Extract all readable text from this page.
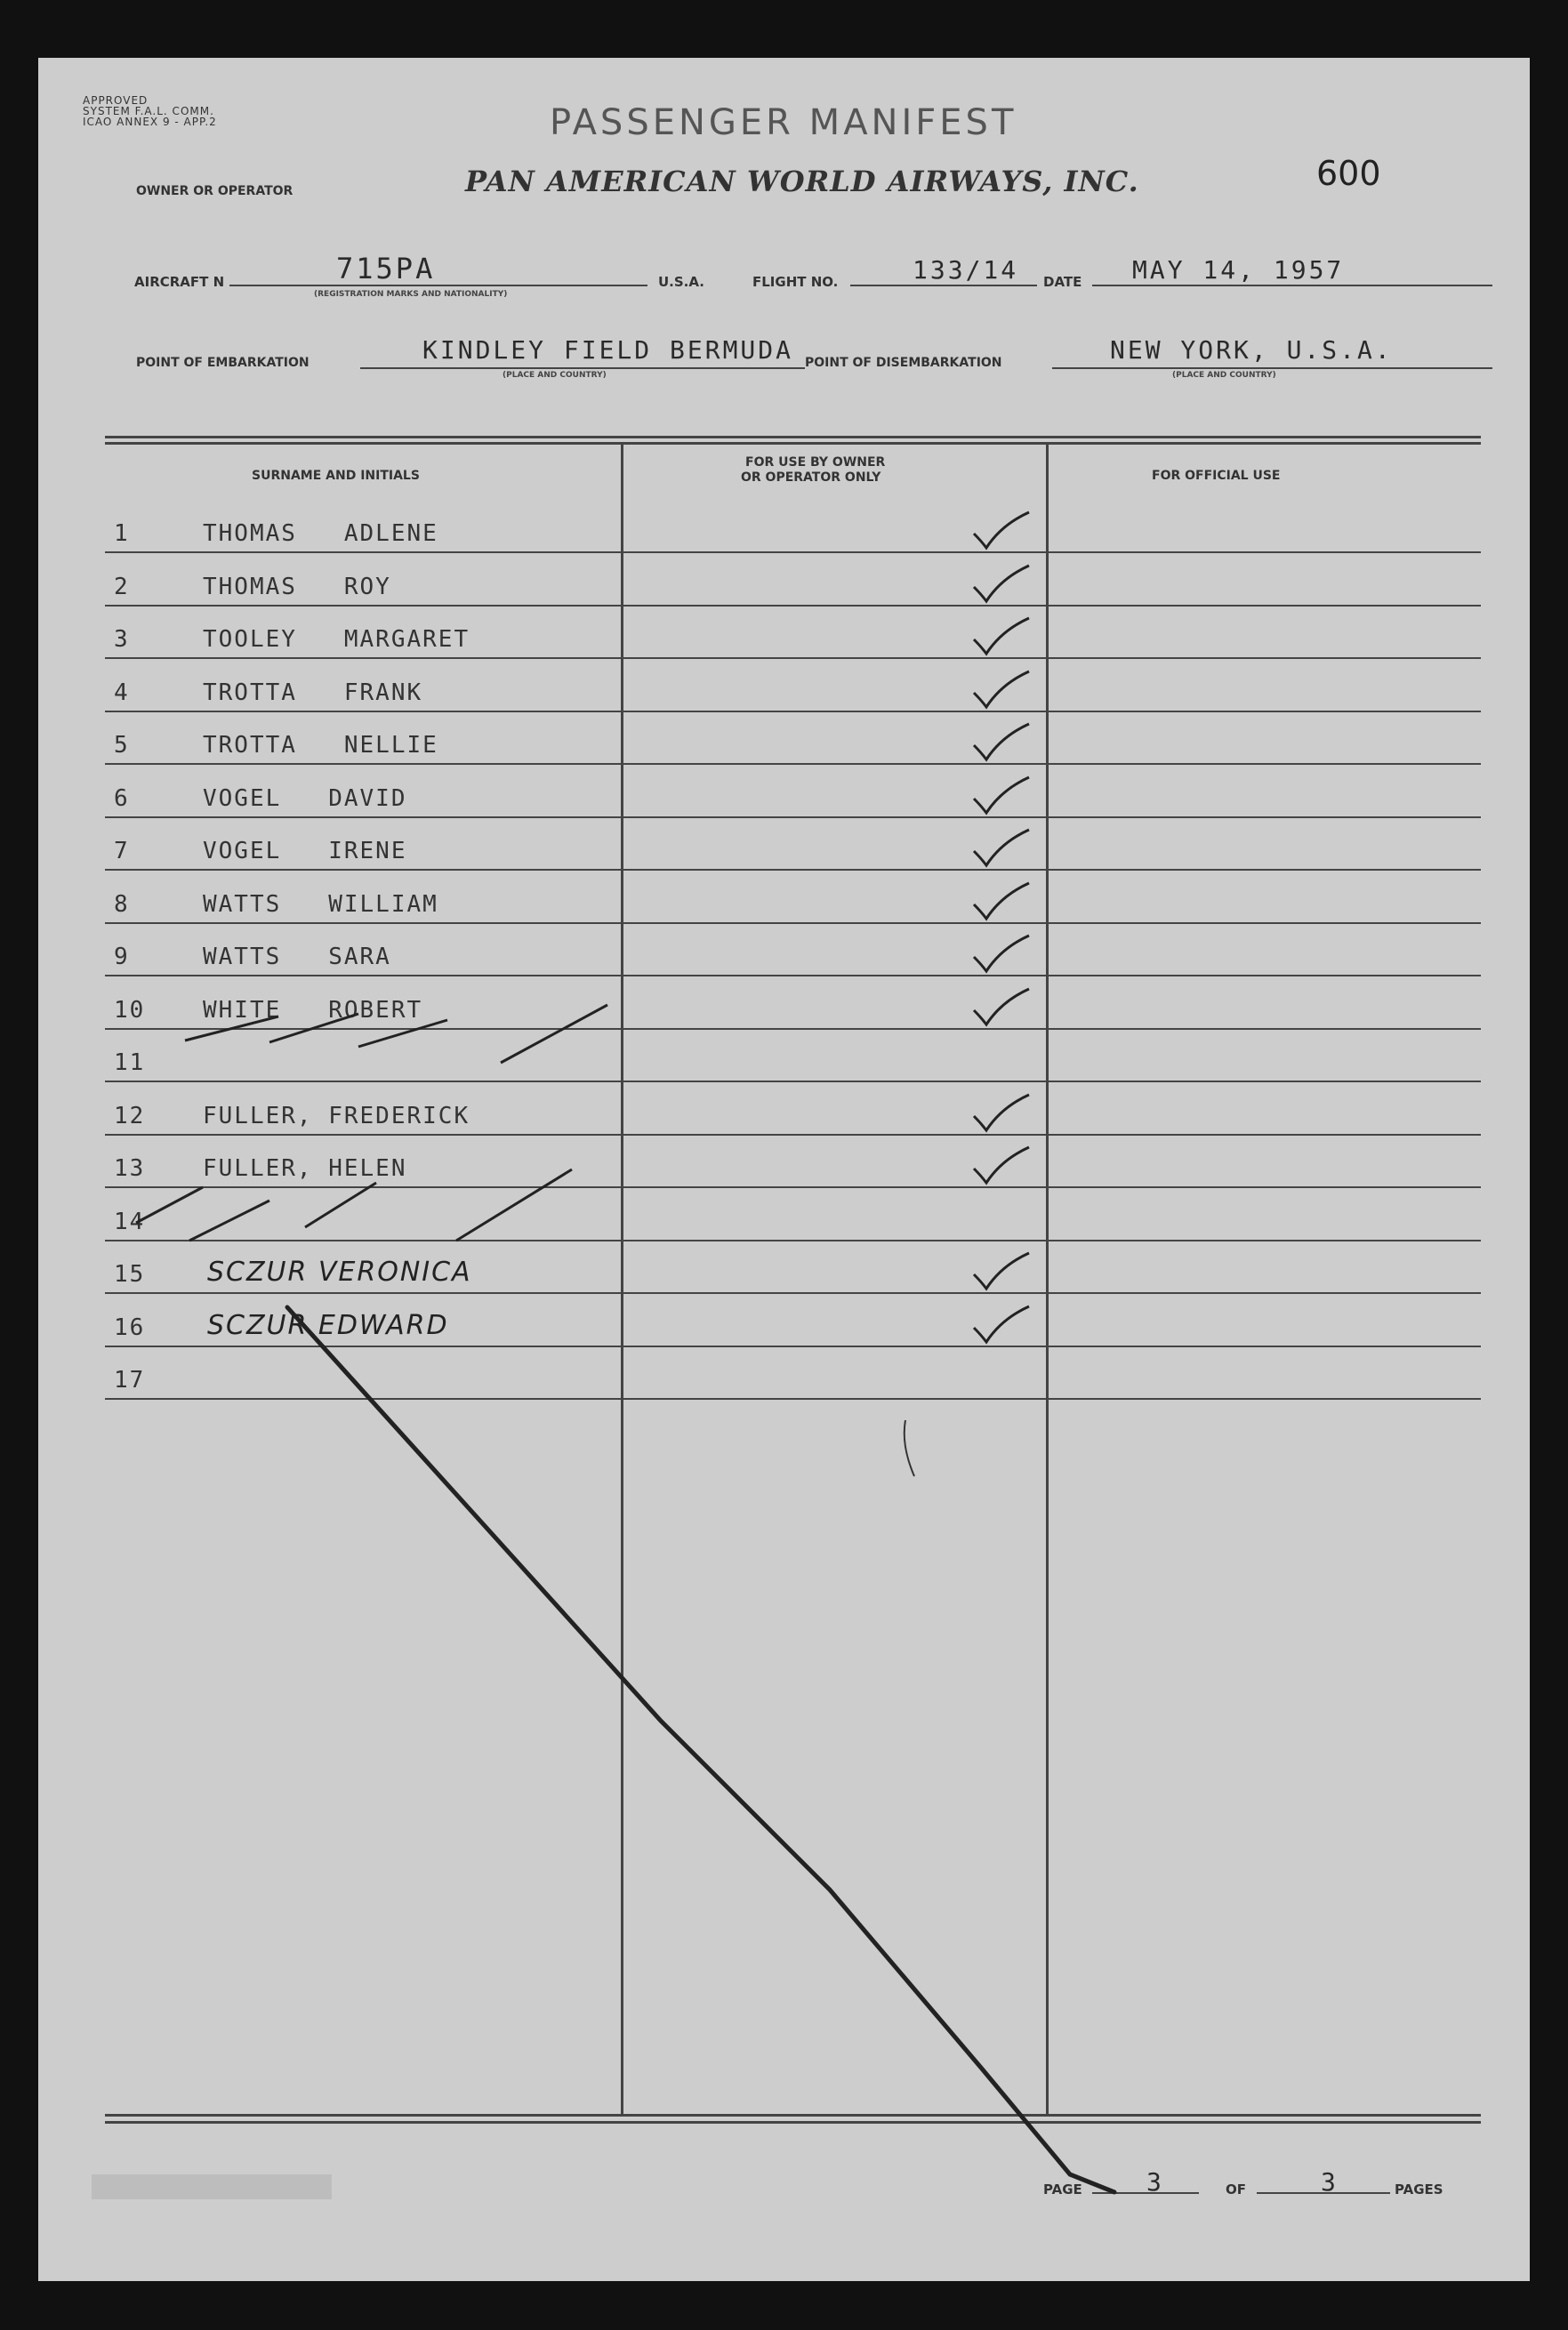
APPROVED
SYSTEM F.A.L. COMM.
ICAO ANNEX 9 - APP.2	PASSENGER MANIFEST
OWNER OR OPERATOR	PAN AMERICAN WORLD AIRWAYS, INC.	600
AIRCRAFT N	715PA
(REGISTRATION MARKS AND NATIONALITY)
U.S.A.	FLIGHT NO.	133/14 DATE MAY 14, 1957
POINT OF EMBARKATION	KINDLEY FIELD BERMUDA
(PLACE AND COUNTRY)
POINT OF DISEMBARKATION	NEW YORK, U.S.A.
(PLACE AND COUNTRY)
SURNAME AND INITIALS
FOR USE BY OWNER
OR OPERATOR ONLY	FOR OFFICIAL USE
1	THOMAS   ADLENE
2	THOMAS   ROY
3	TOOLEY   MARGARET
4	TROTTA   FRANK
5	TROTTA   NELLIE
6	VOGEL   DAVID
7	VOGEL   IRENE
8	WATTS   WILLIAM
9	WATTS   SARA
10 WHITE   ROBERT
11
12 FULLER, FREDERICK
13 FULLER, HELEN
14
15 SCZUR VERONICA
16 SCZUR EDWARD
17
PAGE	3	OF	3	PAGES
